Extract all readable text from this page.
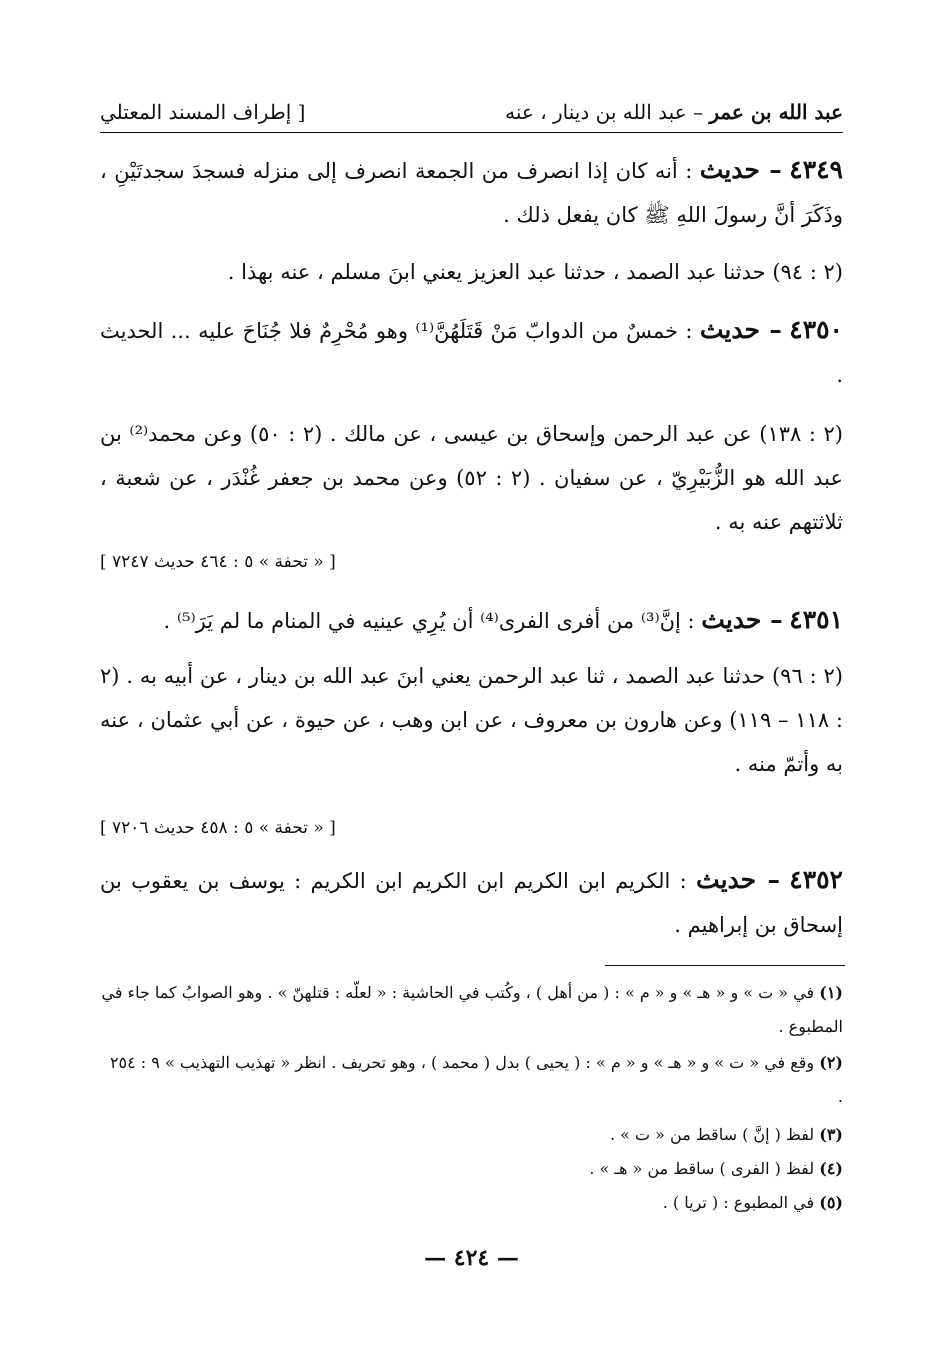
عبد الله بن عمر – عبد الله بن دينار ، عنه
[ إطراف المسند المعتلي
٤٣٤٩ – حديث : أنه كان إذا انصرف من الجمعة انصرف إلى منزله فسجدَ سجدتَيْنِ ، وذَكَرَ أنَّ رسولَ اللهِ ﷺ كان يفعل ذلك .
(٢ : ٩٤) حدثنا عبد الصمد ، حدثنا عبد العزيز يعني ابنَ مسلم ، عنه بهذا .
٤٣٥٠ – حديث : خمسٌ من الدوابّ مَنْ قَتَلَهُنَّ⁽¹⁾ وهو مُحْرِمٌ فلا جُنَاحَ عليه ... الحديث .
(٢ : ١٣٨) عن عبد الرحمن وإسحاق بن عيسى ، عن مالك . (٢ : ٥٠) وعن محمد⁽²⁾ بن عبد الله هو الزُّبَيْرِيّ ، عن سفيان . (٢ : ٥٢) وعن محمد بن جعفر غُنْدَر ، عن شعبة ، ثلاثتهم عنه به .
[ « تحفة » ٥ : ٤٦٤ حديث ٧٢٤٧ ]
٤٣٥١ – حديث : إنَّ⁽³⁾ من أفرى الفرى⁽⁴⁾ أن يُرِي عينيه في المنام ما لم يَرَ⁽⁵⁾ .
(٢ : ٩٦) حدثنا عبد الصمد ، ثنا عبد الرحمن يعني ابنَ عبد الله بن دينار ، عن أبيه به . (٢ : ١١٨ – ١١٩) وعن هارون بن معروف ، عن ابن وهب ، عن حيوة ، عن أبي عثمان ، عنه به وأتمّ منه .
[ « تحفة » ٥ : ٤٥٨ حديث ٧٢٠٦ ]
٤٣٥٢ – حديث : الكريم ابن الكريم ابن الكريم ابن الكريم : يوسف بن يعقوب بن إسحاق بن إبراهيم .
(١) في « ت » و « هـ » و « م » : ( من أهل ) ، وكُتب في الحاشية : « لعلّه : قتلهنّ » . وهو الصوابُ كما جاء في المطبوع .
(٢) وقع في « ت » و « هـ » و « م » : ( يحيى ) بدل ( محمد ) ، وهو تحريف . انظر « تهذيب التهذيب » ٩ : ٢٥٤ .
(٣) لفظ ( إنَّ ) ساقط من « ت » .
(٤) لفظ ( الفرى ) ساقط من « هـ » .
(٥) في المطبوع : ( تريا ) .
— ٤٢٤ —
